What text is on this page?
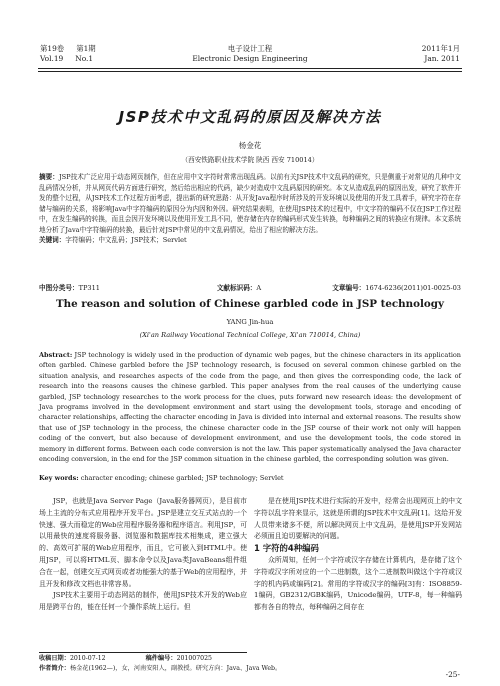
第19卷 第1期
Vol.19 No.1
电子设计工程
Electronic Design Engineering
2011年1月
Jan. 2011
JSP技术中文乱码的原因及解决方法
杨金花
（西安铁路职业技术学院 陕西 西安 710014）
摘要：JSP技术广泛应用于动态网页制作，但在应用中文字符时常常出现乱码。以前有关JSP技术中文乱码的研究，只是侧重于对常见的几种中文乱码情况分析，并从网页代码方面进行研究，然后给出相应的代码，缺少对造成中文乱码原因的研究。本文从造成乱码的原因出发，研究了软件开发的整个过程，从JSP技术工作过程方面考虑，提出新的研究思路：从开发Java程序时所涉及的开发环境以及使用的开发工具着手，研究字符在存储与编码的关系，将影响Java中字符编码的原因分为内因和外因。研究结果表明，在使用JSP技术的过程中，中文字符的编码不仅在JSP工作过程中，在发生编码的转换，而且会因开发环境以及使用开发工具不同，使存储在内存的编码形式发生转换，每种编码之间的转换应有规律。本文系统地分析了Java中字符编码的转换，最后针对JSP中常见的中文乱码情况，给出了相应的解决方法。
关键词：字符编码；中文乱码；JSP技术；Servlet
中图分类号：TP311	文献标识码：A	文章编号：1674-6236(2011)01-0025-03
The reason and solution of Chinese garbled code in JSP technology
YANG Jin-hua
(Xi'an Railway Vocational Technical College, Xi'an 710014, China)
Abstract: JSP technology is widely used in the production of dynamic web pages, but the chinese characters in its application often garbled. Chinese garbled before the JSP technology research, is focused on several common chinese garbled on the situation analysis, and researches aspects of the code from the page, and then gives the corresponding code, the lack of research into the reasons causes the chinese garbled. This paper analyses from the real causes of the underlying cause garbled, JSP technology researches to the work process for the clues, puts forward new research ideas: the development of Java programs involved in the development environment and start using the development tools, storage and encoding of character relationships, affecting the character encoding in Java is divided into internal and external reasons. The results show that use of JSP technology in the process, the chinese character code in the JSP course of their work not only will happen coding of the convert, but also because of development environment, and use the development tools, the code stored in memory in different forms. Between each code conversion is not the law. This paper systematically analysed the Java character encoding conversion, in the end for the JSP common situation in the chinese garbled, the corresponding solution was given.
Key words: character encoding; chinese garbled; JSP technology; Servlet

JSP，也就是Java Server Page（Java服务器网页），是目前市场上主流的分布式应用程序开发平台。JSP是建立交互式站点的一个快速、强大而稳定的Web应用程序服务器和程序语言。利用JSP，可以用最快的速度将服务器、浏览器和数据库技术相集成，建立强大的、高效可扩展的Web应用程序，而且，它可嵌入到HTML中。使用JSP，可以将HTML页、脚本命令以及Java类JavaBeans组件组合在一起，创建交互式网页或者功能强大的基于Web的应用程序，并且开发和修改文档也非常容易。

JSP技术主要用于动态网站的制作，使用JSP技术开发的Web应用是跨平台的，能在任何一个操作系统上运行。但

是在使用JSP技术进行实际的开发中，经常会出现网页上的中文字符以乱字符来显示，这就是所谓的JSP技术中文乱码[1]。这给开发人员带来诸多不便，所以解决网页上中文乱码，是使用JSP开发网站必须面且迫切要解决的问题。

1 字符的4种编码

众所周知，任何一个字符或汉字存储在计算机内，是存储了这个字符或汉字所对应的一个二进制数，这个二进制数叫做这个字符或汉字的机内码或编码[2]。常用的字符或汉字的编码[3]有：ISO8859-1编码，GB2312/GBK编码，Unicode编码，UTF-8，每一种编码都有各自的特点，每种编码之间存在

收稿日期：2010-07-12	稿件编号：201007025
作者简介：杨金花(1962—)，女，河南安阳人，副教授。研究方向：Java、Java Web。
-25-
